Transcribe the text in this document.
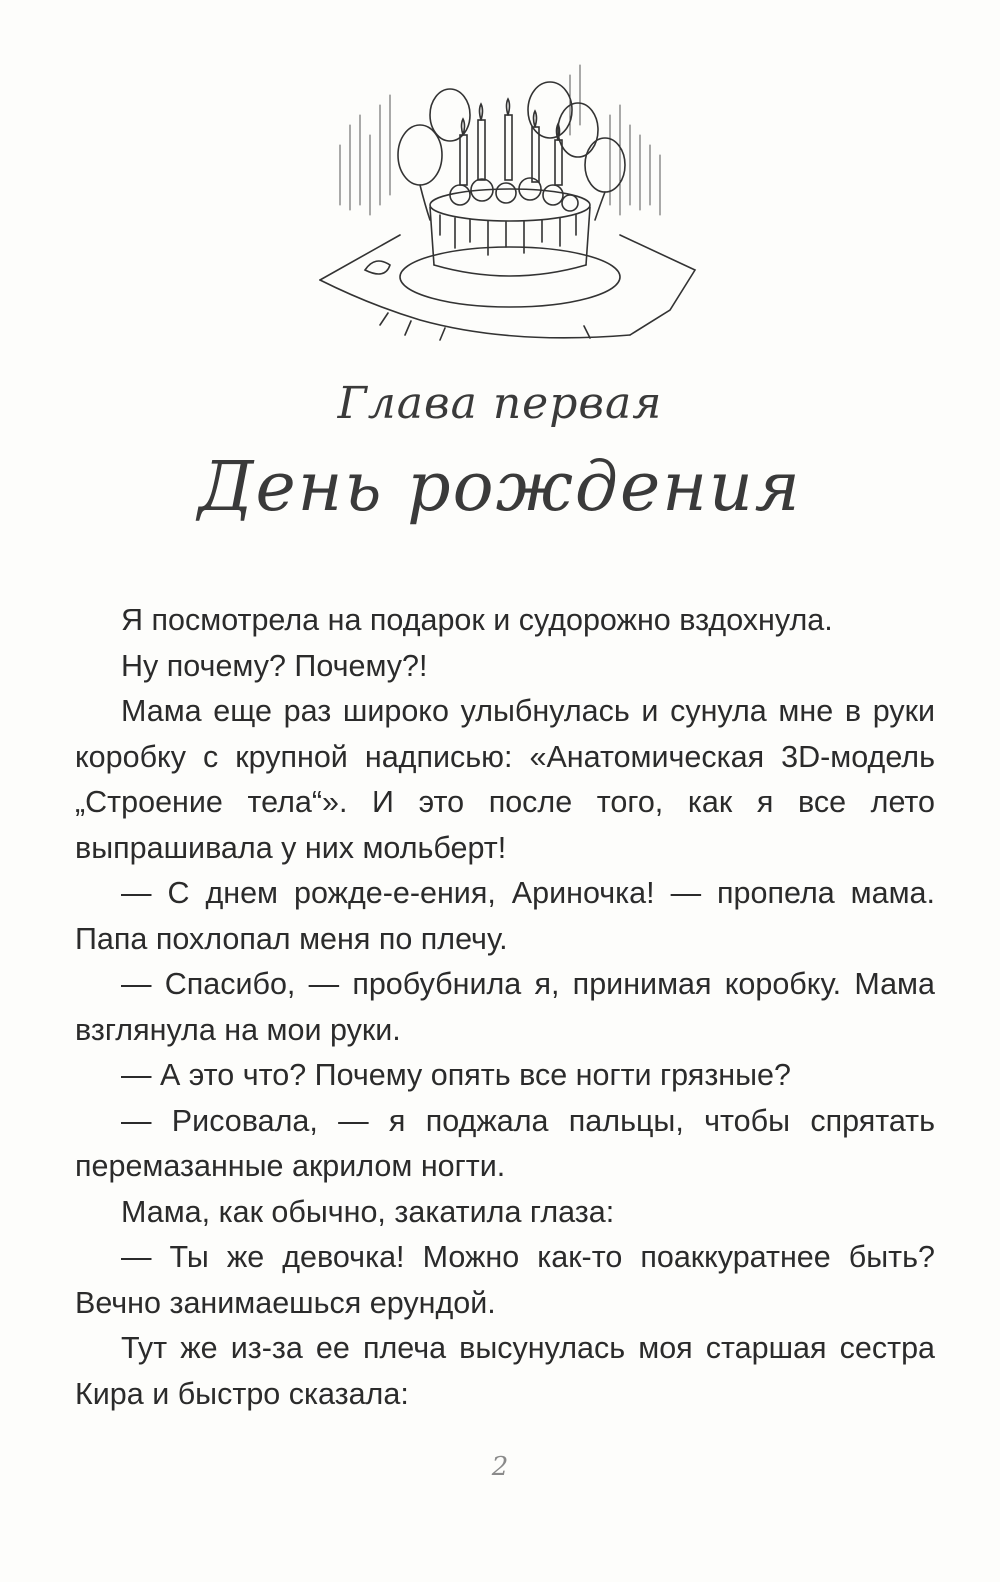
Глава первая
День рождения

Я посмотрела на подарок и судорожно вздохнула.

Ну почему? Почему?!

Мама еще раз широко улыбнулась и сунула мне в руки коробку с крупной надписью: «Анатомическая 3D-модель „Строение тела“». И это после того, как я все лето выпрашивала у них мольберт!

— С днем рожде-е-ения, Ариночка! — пропела мама. Папа похлопал меня по плечу.

— Спасибо, — пробубнила я, принимая коробку. Мама взглянула на мои руки.

— А это что? Почему опять все ногти грязные?

— Рисовала, — я поджала пальцы, чтобы спрятать перемазанные акрилом ногти.

Мама, как обычно, закатила глаза:

— Ты же девочка! Можно как-то поаккуратнее быть? Вечно занимаешься ерундой.

Тут же из-за ее плеча высунулась моя старшая сестра Кира и быстро сказала:

2
